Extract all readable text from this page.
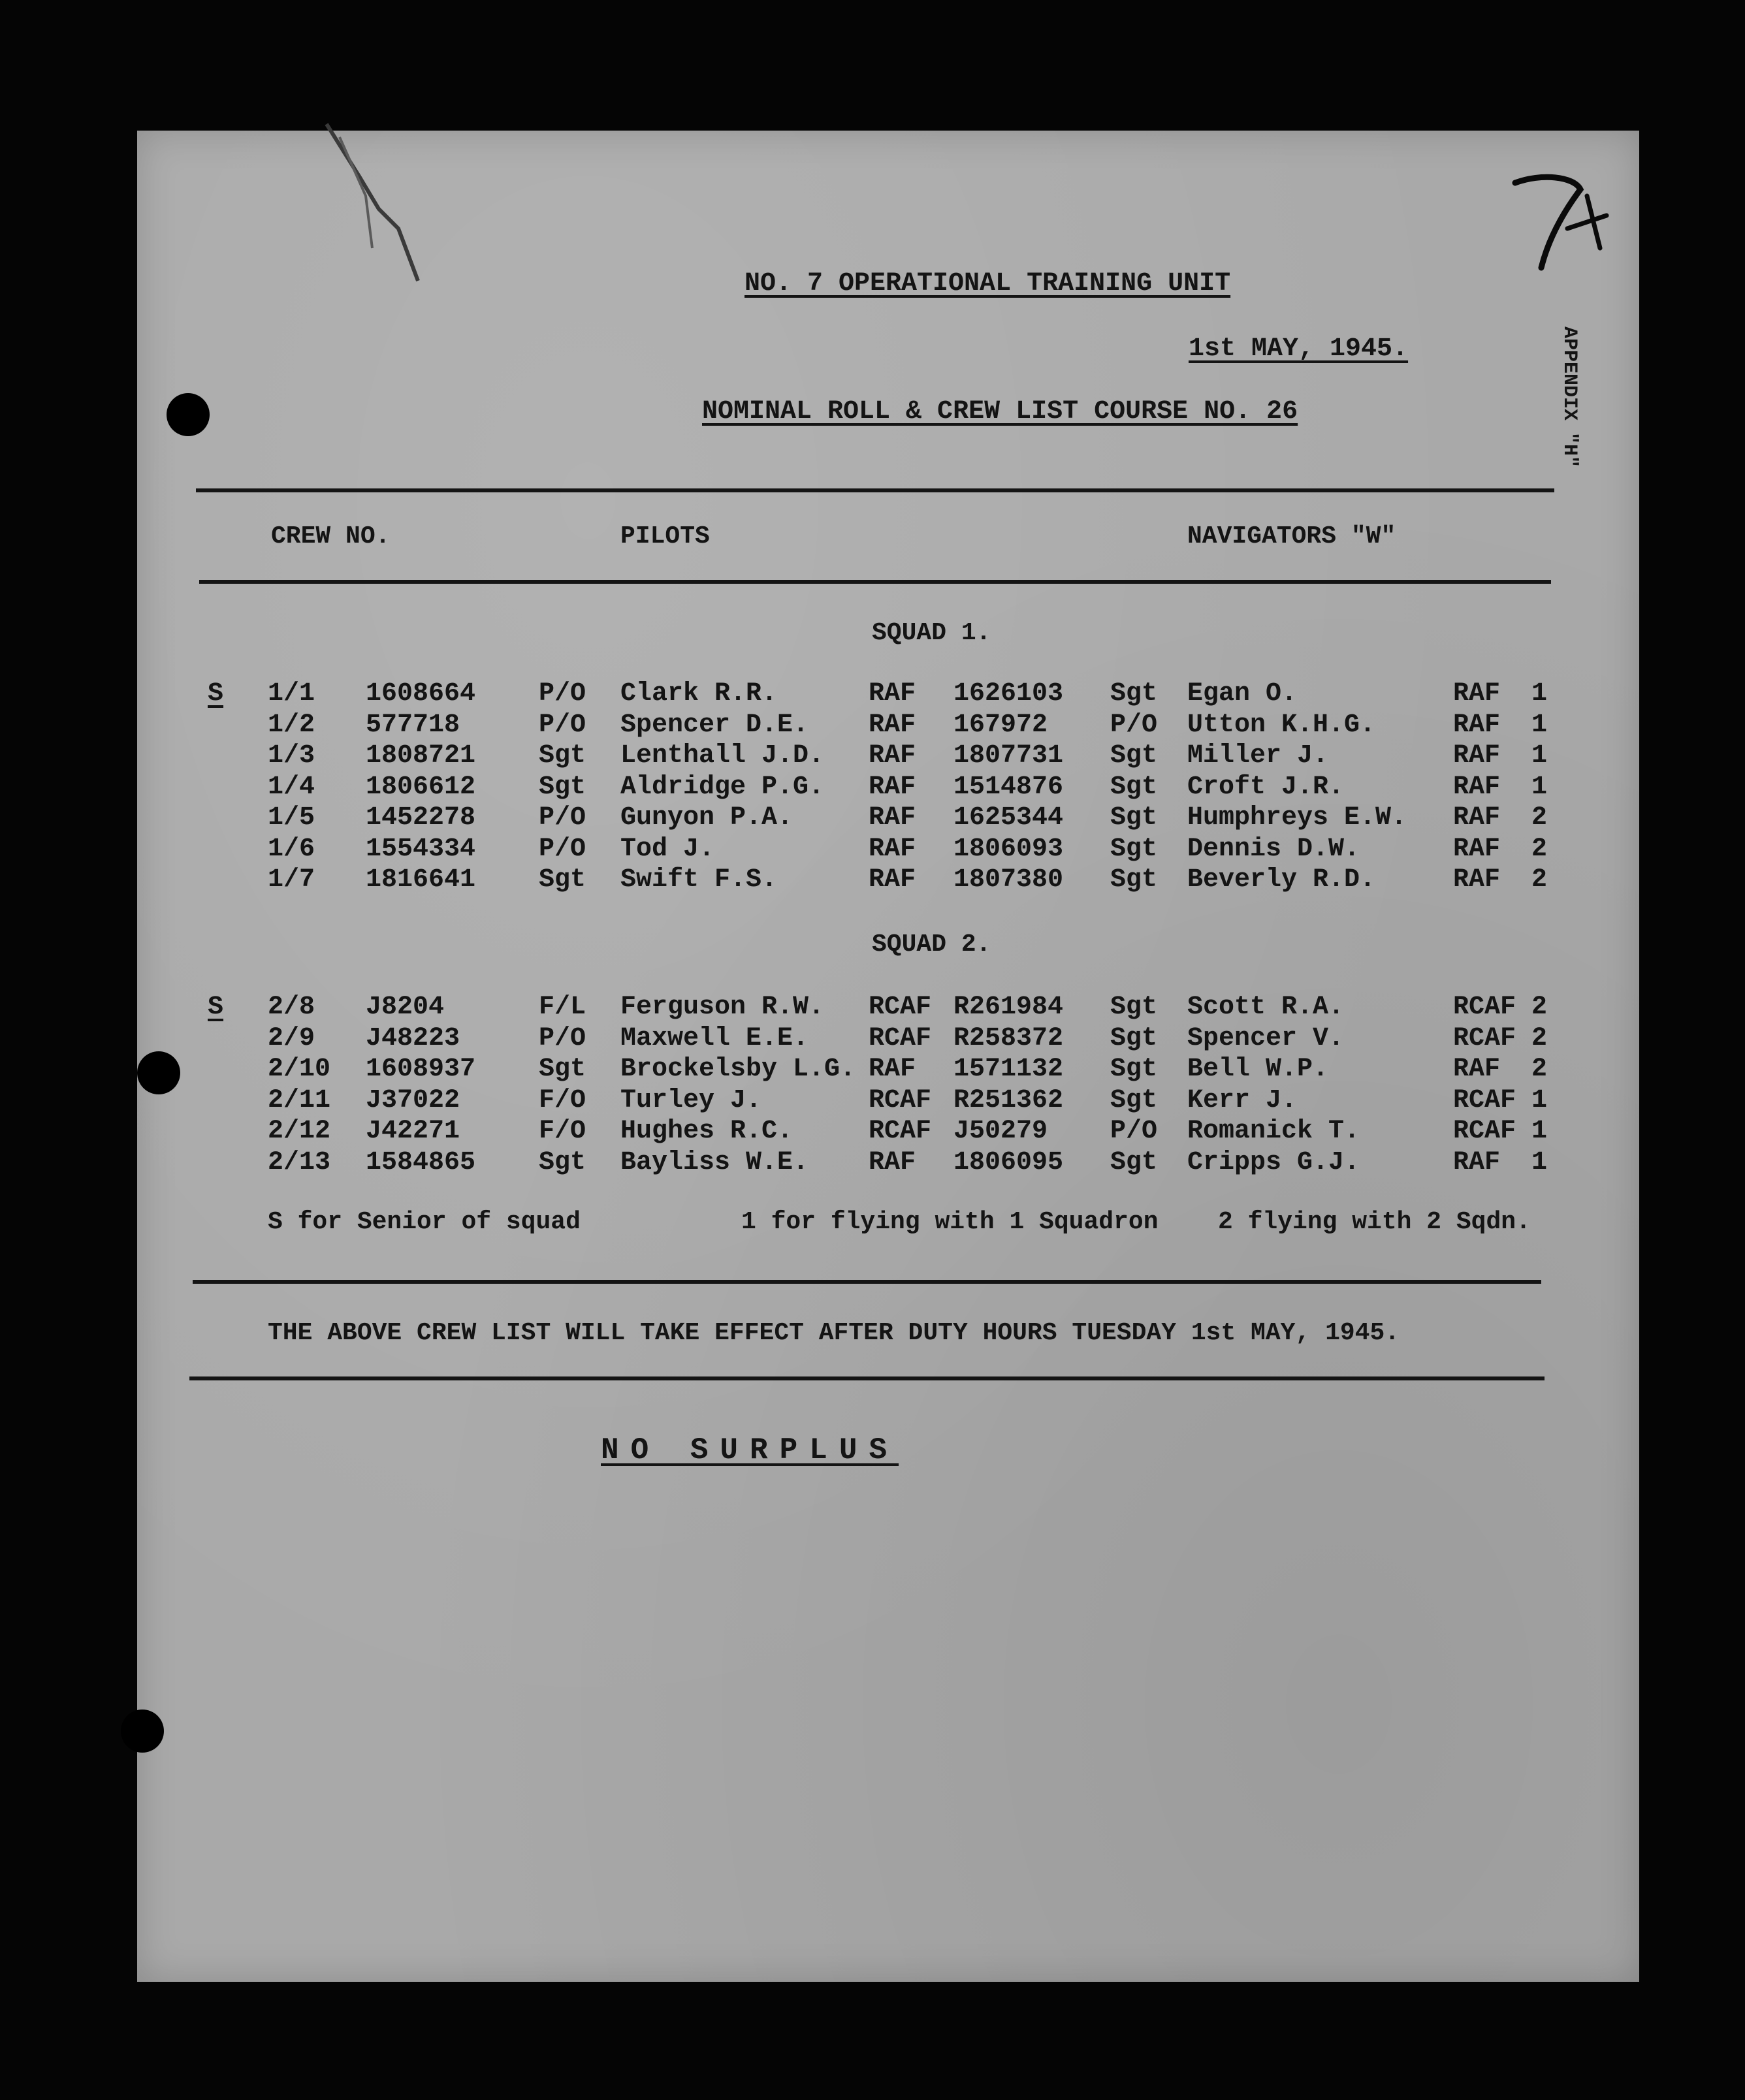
APPENDIX "H"
NO. 7 OPERATIONAL TRAINING UNIT
1st MAY, 1945.
NOMINAL ROLL & CREW LIST COURSE NO. 26
CREW NO.	PILOTS	NAVIGATORS "W"
SQUAD 1.
SQUAD 2.
S 1/1 1608664 P/O Clark R.R.	RAF 1626103 Sgt Egan O.	RAF 1
1/2 577718	P/O Spencer D.E. RAF 167972 P/O Utton K.H.G.	RAF 1
1/3 1808721 Sgt Lenthall J.D. RAF 1807731 Sgt Miller J.	RAF 1
1/4 1806612 Sgt Aldridge P.G. RAF 1514876 Sgt Croft J.R.	RAF 1
1/5 1452278 P/O Gunyon P.A.	RAF 1625344 Sgt Humphreys E.W. RAF 2
1/6 1554334 P/O Tod J.	RAF 1806093 Sgt Dennis D.W.	RAF 2
1/7 1816641 Sgt Swift F.S.	RAF 1807380 Sgt Beverly R.D.	RAF 2
S 2/8 J8204	F/L Ferguson R.W. RCAF R261984 Sgt Scott R.A.	RCAF 2
2/9 J48223	P/O Maxwell E.E. RCAF R258372 Sgt Spencer V.	RCAF 2
2/10 1608937 Sgt Brockelsby L.G. RAF 1571132 Sgt Bell W.P.	RAF 2
2/11 J37022	F/O Turley J.	RCAF R251362 Sgt Kerr J.	RCAF 1
2/12 J42271	F/O Hughes R.C.	RCAF J50279 P/O Romanick T.	RCAF 1
2/13 1584865 Sgt Bayliss W.E. RAF 1806095 Sgt Cripps G.J.	RAF 1
S for Senior of squad	1 for flying with 1 Squadron 2 flying with 2 Sqdn.
THE ABOVE CREW LIST WILL TAKE EFFECT AFTER DUTY HOURS TUESDAY 1st MAY, 1945.
NO SURPLUS
